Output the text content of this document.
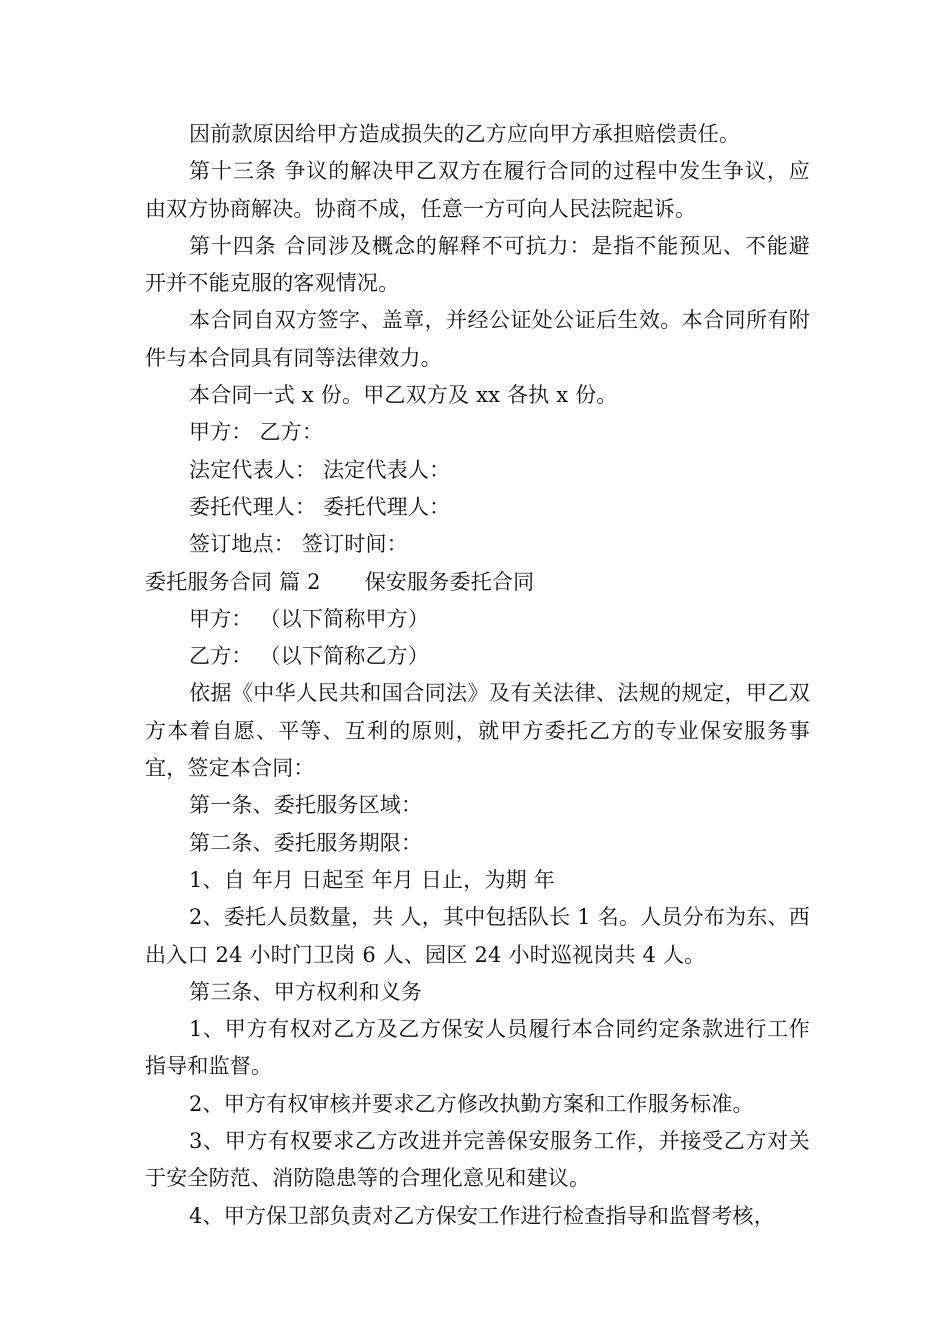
因前款原因给甲方造成损失的乙方应向甲方承担赔偿责任。

第十三条 争议的解决甲乙双方在履行合同的过程中发生争议，应由双方协商解决。协商不成，任意一方可向人民法院起诉。

第十四条 合同涉及概念的解释不可抗力：是指不能预见、不能避开并不能克服的客观情况。

本合同自双方签字、盖章，并经公证处公证后生效。本合同所有附件与本合同具有同等法律效力。

本合同一式 x 份。甲乙双方及 xx 各执 x 份。

甲方： 乙方：

法定代表人： 法定代表人：

委托代理人： 委托代理人：

签订地点： 签订时间：

委托服务合同 篇 2 保安服务委托合同

甲方： （以下简称甲方）

乙方： （以下简称乙方）

依据《中华人民共和国合同法》及有关法律、法规的规定，甲乙双方本着自愿、平等、互利的原则，就甲方委托乙方的专业保安服务事宜，签定本合同：

第一条、委托服务区域：

第二条、委托服务期限：

1、自 年月 日起至 年月 日止，为期 年

2、委托人员数量，共 人，其中包括队长 1 名。人员分布为东、西出入口 24 小时门卫岗 6 人、园区 24 小时巡视岗共 4 人。

第三条、甲方权利和义务

1、甲方有权对乙方及乙方保安人员履行本合同约定条款进行工作指导和监督。

2、甲方有权审核并要求乙方修改执勤方案和工作服务标准。

3、甲方有权要求乙方改进并完善保安服务工作，并接受乙方对关于安全防范、消防隐患等的合理化意见和建议。

4、甲方保卫部负责对乙方保安工作进行检查指导和监督考核，
